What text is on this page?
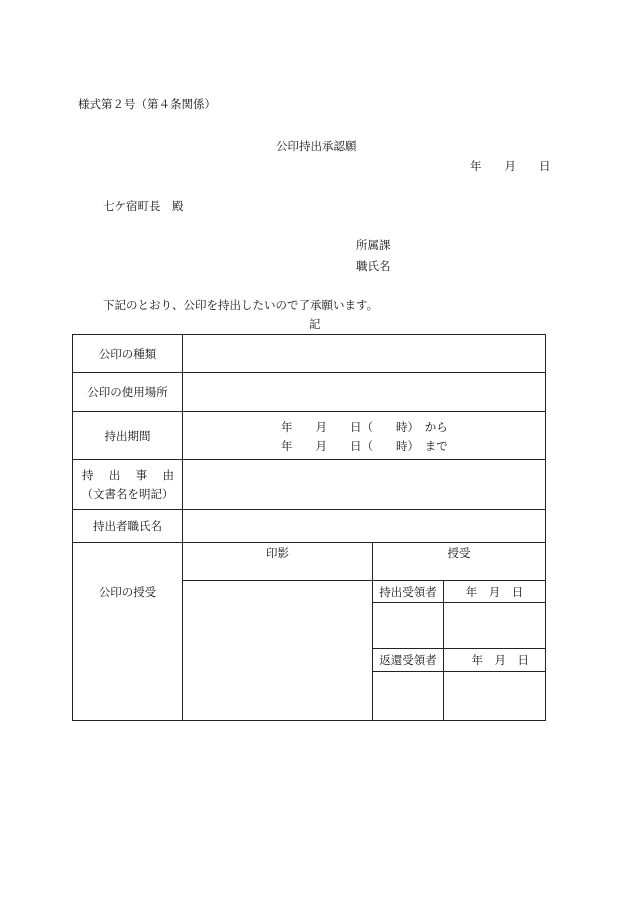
様式第２号（第４条関係）
公印持出承認願
年　　月　　日
七ケ宿町長　殿
所属課
職氏名
下記のとおり、公印を持出したいので了承願います。
記
公印の種類			
公印の使用場所			
持出期間	年　　月　　日（　　時）　から
年　　月　　日（　　時）　まで		

持 出 事 由
（文書名を明記）			

持出者職氏名			

公印の授受	印影	授受	

		持出受領者	年　月　日

		返還受領者	年　月　日
